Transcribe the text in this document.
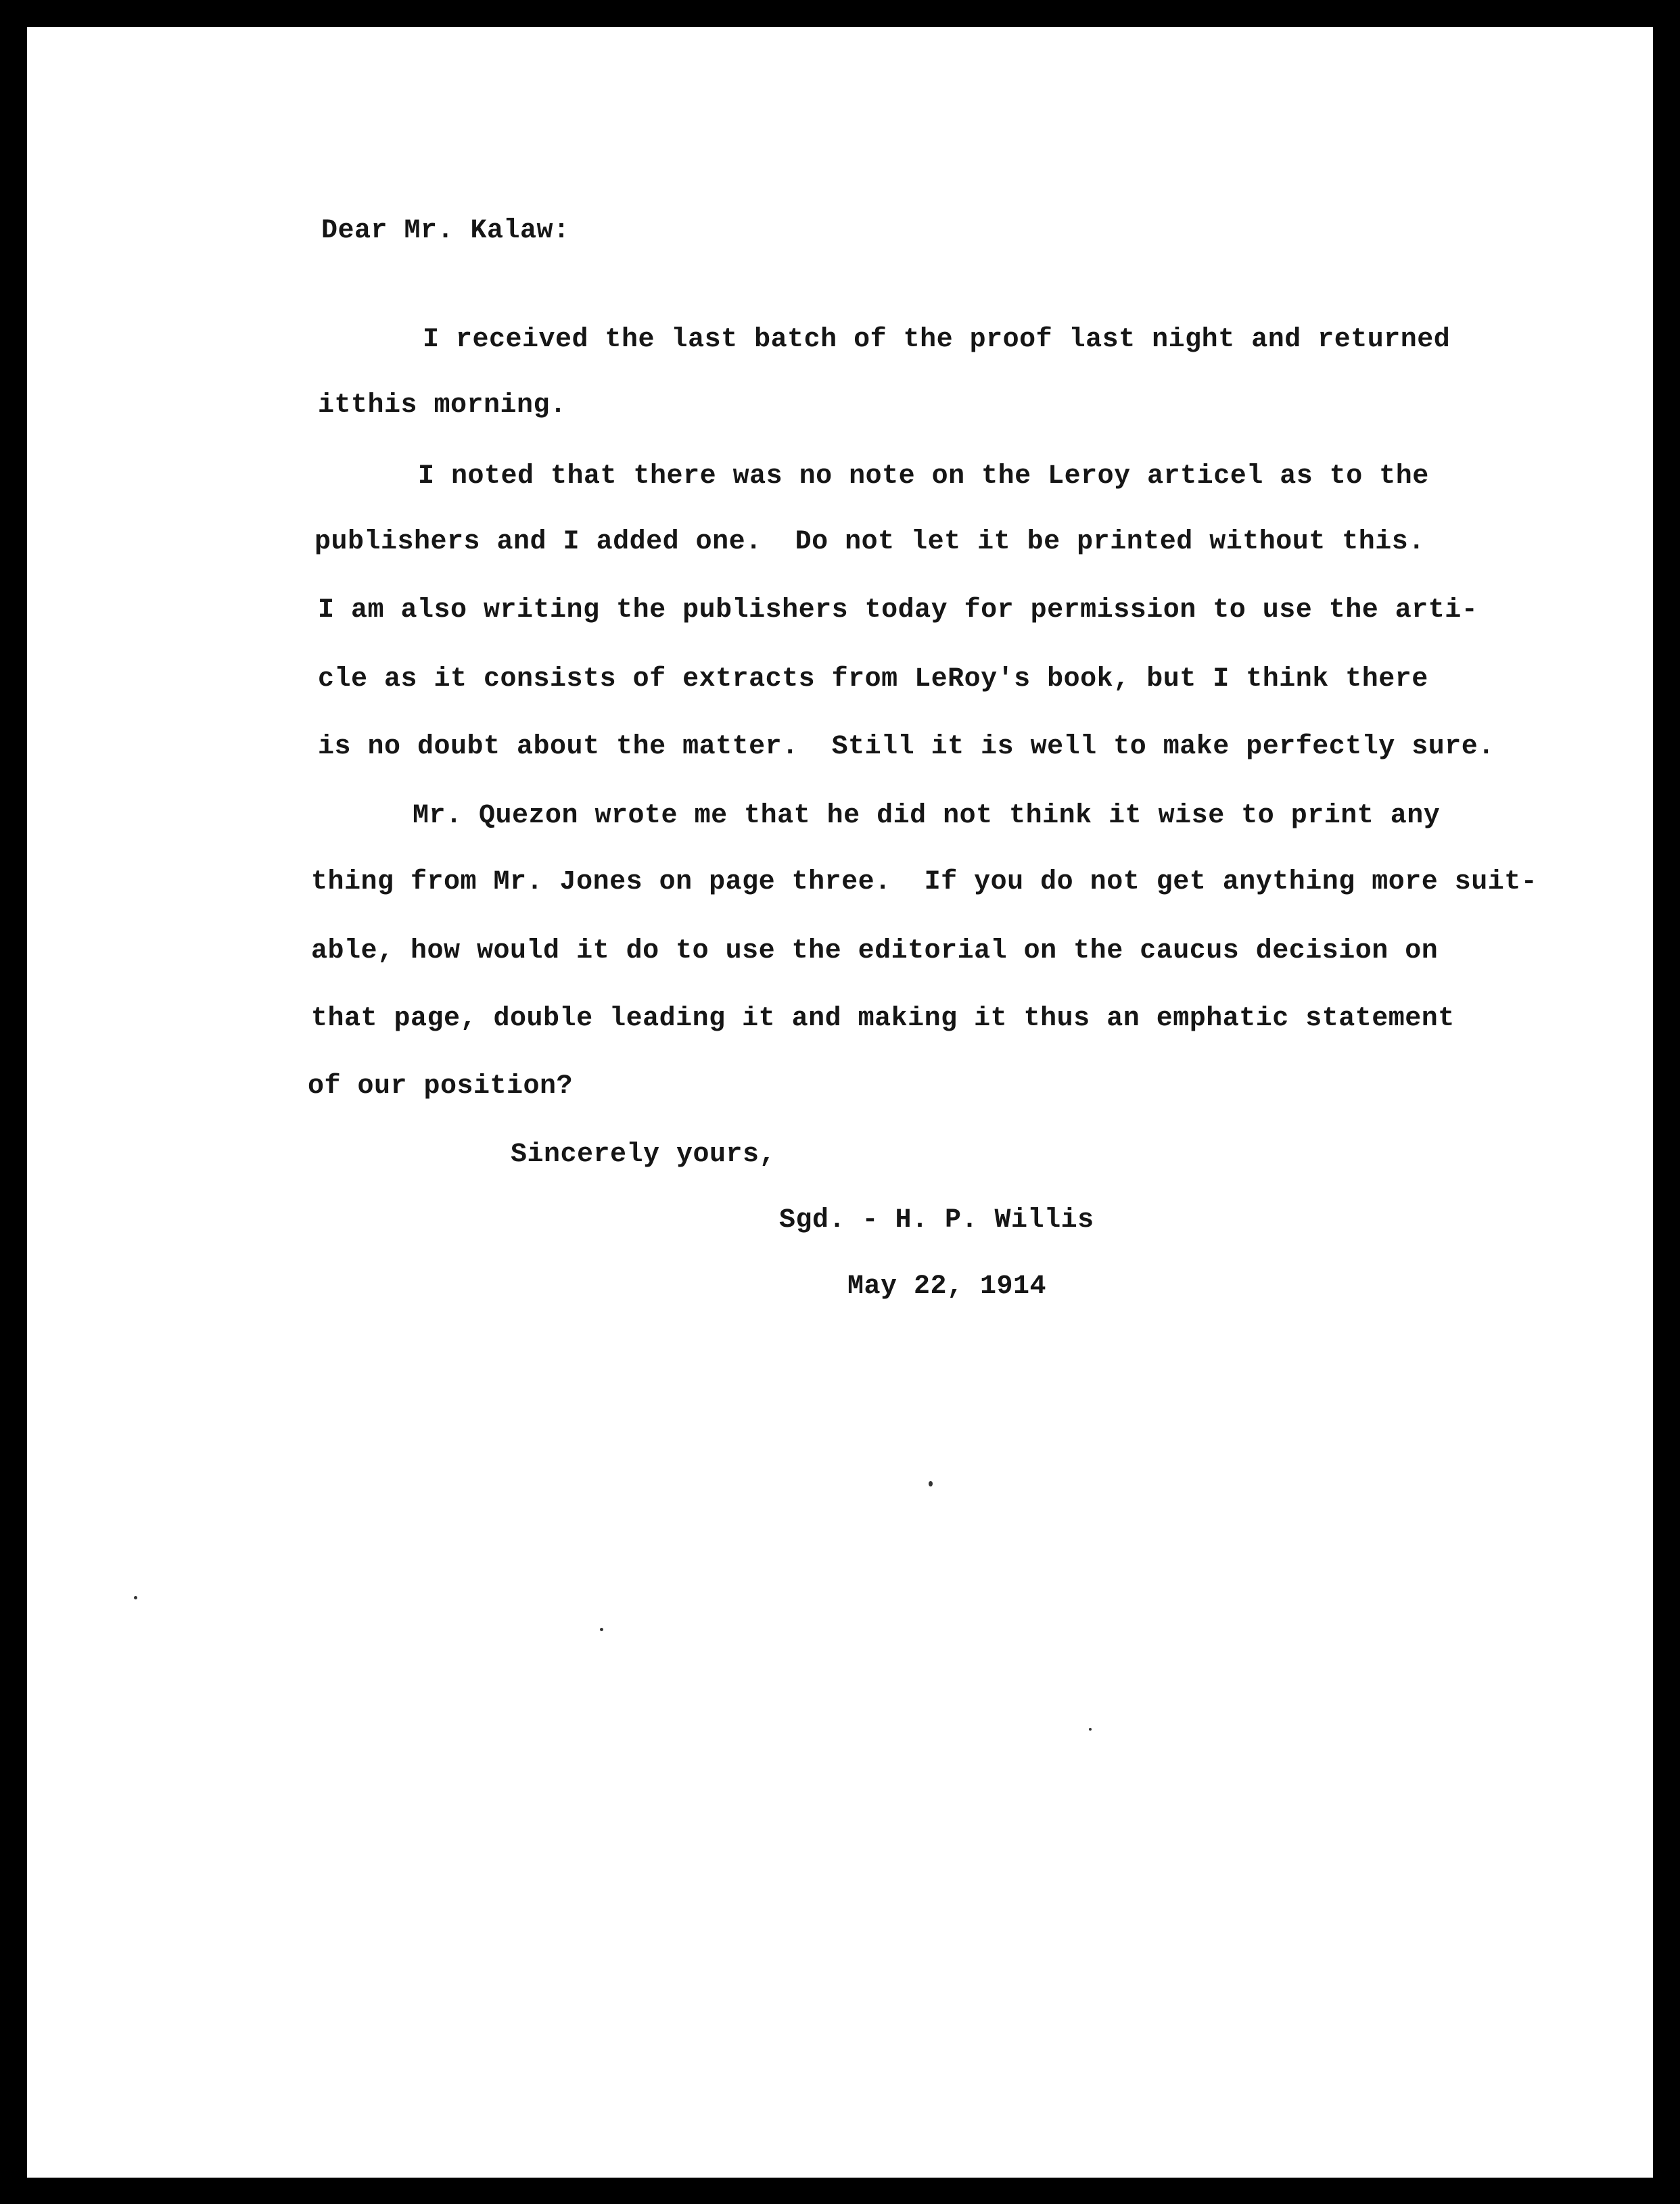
Dear Mr. Kalaw:

I received the last batch of the proof last night and returned

itthis morning.

I noted that there was no note on the Leroy articel as to the

publishers and I added one.  Do not let it be printed without this.

I am also writing the publishers today for permission to use the arti-

cle as it consists of extracts from LeRoy's book, but I think there

is no doubt about the matter.  Still it is well to make perfectly sure.

Mr. Quezon wrote me that he did not think it wise to print any

thing from Mr. Jones on page three.  If you do not get anything more suit-

able, how would it do to use the editorial on the caucus decision on

that page, double leading it and making it thus an emphatic statement

of our position?

Sincerely yours,

Sgd. - H. P. Willis

May 22, 1914
